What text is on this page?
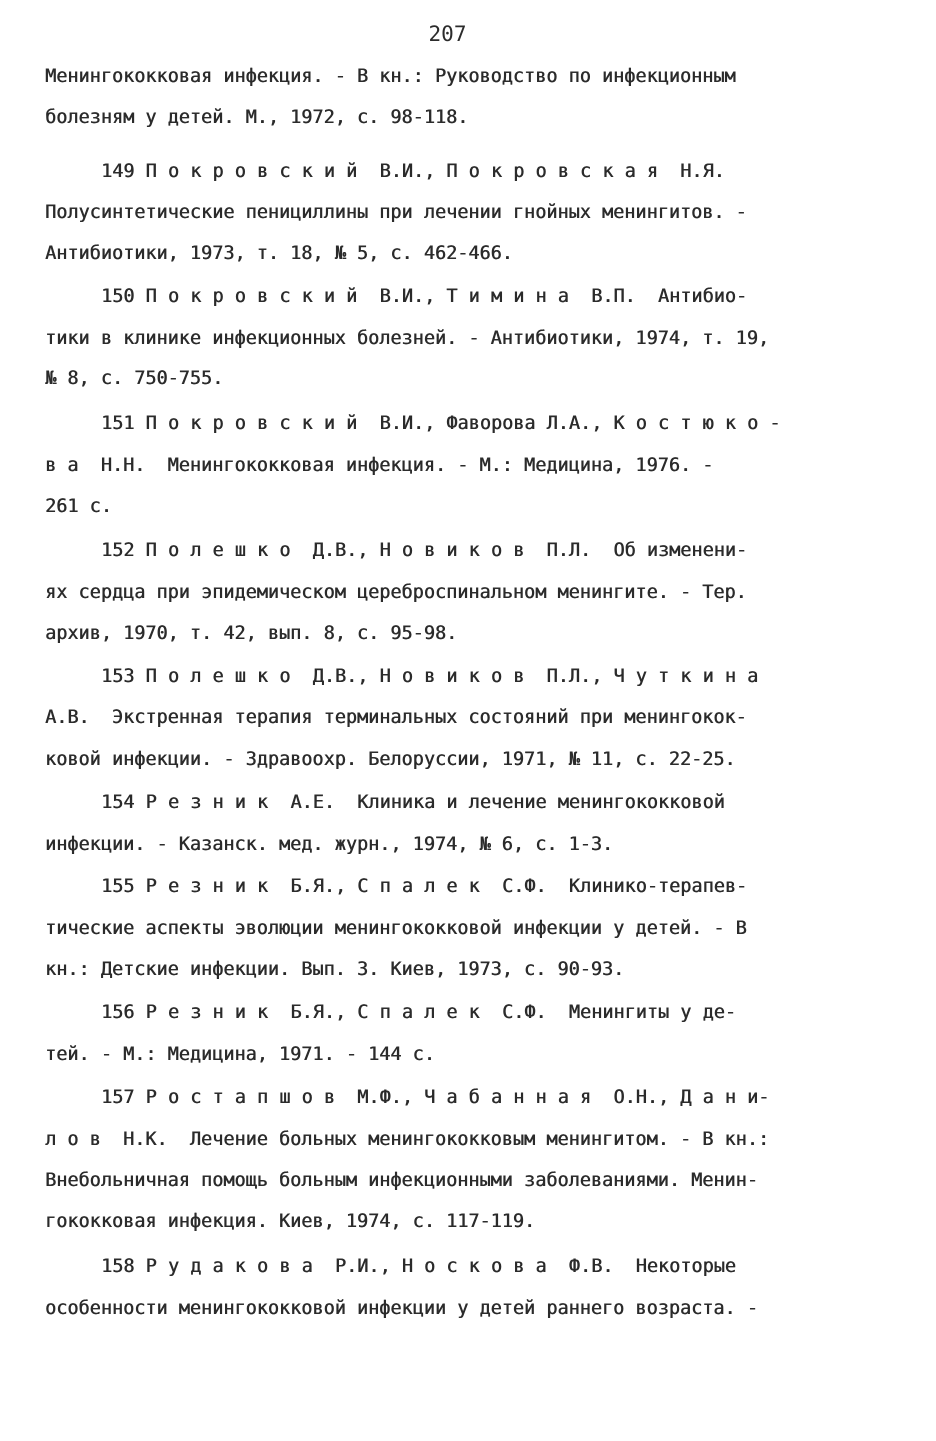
207
Менингококковая инфекция. - В кн.: Руководство по инфекционным
болезням у детей. М., 1972, с. 98-118.
149 П о к р о в с к и й  В.И., П о к р о в с к а я  Н.Я.
Полусинтетические пенициллины при лечении гнойных менингитов. -
Антибиотики, 1973, т. 18, № 5, с. 462-466.
150 П о к р о в с к и й  В.И., Т и м и н а  В.П.  Антибио-
тики в клинике инфекционных болезней. - Антибиотики, 1974, т. 19,
№ 8, с. 750-755.
151 П о к р о в с к и й  В.И., Фаворова Л.А., К о с т ю к о -
в а  Н.Н.  Менингококковая инфекция. - М.: Медицина, 1976. -
261 с.
152 П о л е ш к о  Д.В., Н о в и к о в  П.Л.  Об изменени-
ях сердца при эпидемическом цереброспинальном менингите. - Тер.
архив, 1970, т. 42, вып. 8, с. 95-98.
153 П о л е ш к о  Д.В., Н о в и к о в  П.Л., Ч у т к и н а
А.В.  Экстренная терапия терминальных состояний при менингокок-
ковой инфекции. - Здравоохр. Белоруссии, 1971, № 11, с. 22-25.
154 Р е з н и к  А.Е.  Клиника и лечение менингококковой
инфекции. - Казанск. мед. журн., 1974, № 6, с. 1-3.
155 Р е з н и к  Б.Я., С п а л е к  С.Ф.  Клинико-терапев-
тические аспекты эволюции менингококковой инфекции у детей. - В
кн.: Детские инфекции. Вып. 3. Киев, 1973, с. 90-93.
156 Р е з н и к  Б.Я., С п а л е к  С.Ф.  Менингиты у де-
тей. - М.: Медицина, 1971. - 144 с.
157 Р о с т а п ш о в  М.Ф., Ч а б а н н а я  О.Н., Д а н и-
л о в  Н.К.  Лечение больных менингококковым менингитом. - В кн.:
Внебольничная помощь больным инфекционными заболеваниями. Менин-
гококковая инфекция. Киев, 1974, с. 117-119.
158 Р у д а к о в а  Р.И., Н о с к о в а  Ф.В.  Некоторые
особенности менингококковой инфекции у детей раннего возраста. -
